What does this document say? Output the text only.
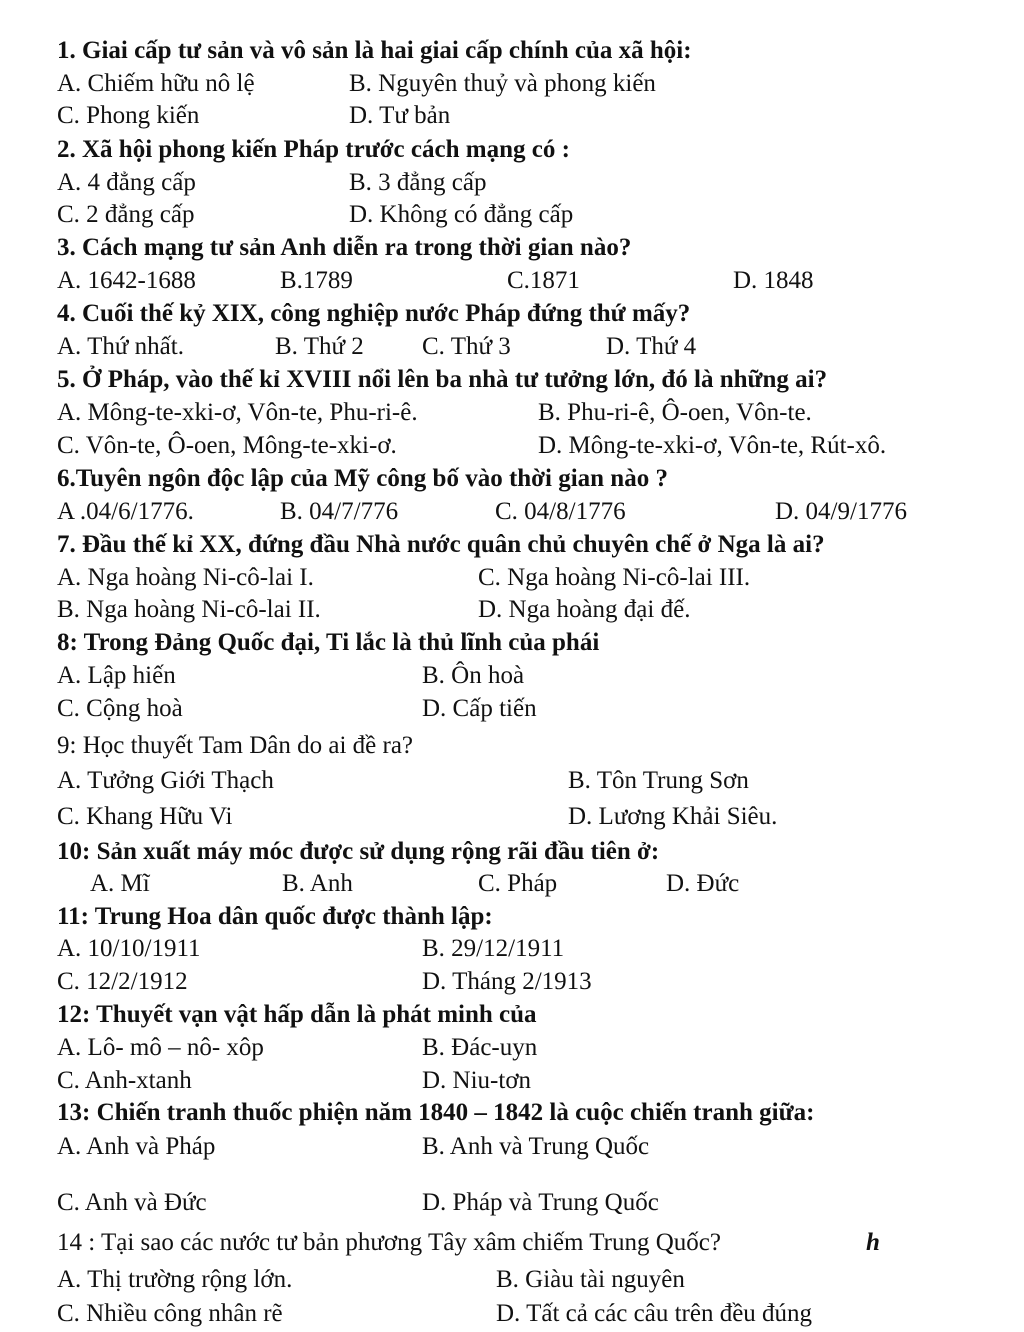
1. Giai cấp tư sản và vô sản là hai giai cấp chính của xã hội:
A. Chiếm hữu nô lệ	B. Nguyên thuỷ và phong kiến
C. Phong kiến	D. Tư bản
2. Xã hội phong kiến Pháp trước cách mạng có :
A. 4 đẳng cấp	B. 3 đẳng cấp
C. 2 đẳng cấp	D. Không có đẳng cấp
3. Cách mạng tư sản Anh diễn ra trong thời gian nào?
A. 1642-1688	B.1789	C.1871	D. 1848
4. Cuối thế kỷ XIX, công nghiệp nước Pháp đứng thứ mấy?
A. Thứ nhất.	B. Thứ 2 C. Thứ 3	D. Thứ 4
5. Ở Pháp, vào thế kỉ XVIII nổi lên ba nhà tư tưởng lớn, đó là những ai?
A. Mông-te-xki-ơ, Vôn-te, Phu-ri-ê.	B. Phu-ri-ê, Ô-oen, Vôn-te.
C. Vôn-te, Ô-oen, Mông-te-xki-ơ.	D. Mông-te-xki-ơ, Vôn-te, Rút-xô.
6.Tuyên ngôn độc lập của Mỹ công bố vào thời gian nào ?
A .04/6/1776.	B. 04/7/776	C. 04/8/1776	D. 04/9/1776
7. Đầu thế kỉ XX, đứng đầu Nhà nước quân chủ chuyên chế ở Nga là ai?
A. Nga hoàng Ni-cô-lai I.	C. Nga hoàng Ni-cô-lai III.
B. Nga hoàng Ni-cô-lai II.	D. Nga hoàng đại đế.
8: Trong Đảng Quốc đại, Ti lắc là thủ lĩnh của phái
A. Lập hiến	B. Ôn hoà
C. Cộng hoà	D. Cấp tiến
9: Học thuyết Tam Dân do ai đề ra?
A. Tưởng Giới Thạch	B. Tôn Trung Sơn
C. Khang Hữu Vi	D. Lương Khải Siêu.
10: Sản xuất máy móc được sử dụng rộng rãi đầu tiên ở:
A. Mĩ	B. Anh	C. Pháp	D. Đức
11: Trung Hoa dân quốc được thành lập:
A. 10/10/1911	B. 29/12/1911
C. 12/2/1912	D. Tháng 2/1913
12: Thuyết vạn vật hấp dẫn là phát minh của
A. Lô- mô – nô- xôp	B. Đác-uyn
C. Anh-xtanh	D. Niu-tơn
13: Chiến tranh thuốc phiện năm 1840 – 1842 là cuộc chiến tranh giữa:
A. Anh và Pháp	B. Anh và Trung Quốc
C. Anh và Đức	D. Pháp và Trung Quốc
14 : Tại sao các nước tư bản phương Tây xâm chiếm Trung Quốc?	h
A. Thị trường rộng lớn.	B. Giàu tài nguyên
C. Nhiều công nhân rẽ	D. Tất cả các câu trên đều đúng
